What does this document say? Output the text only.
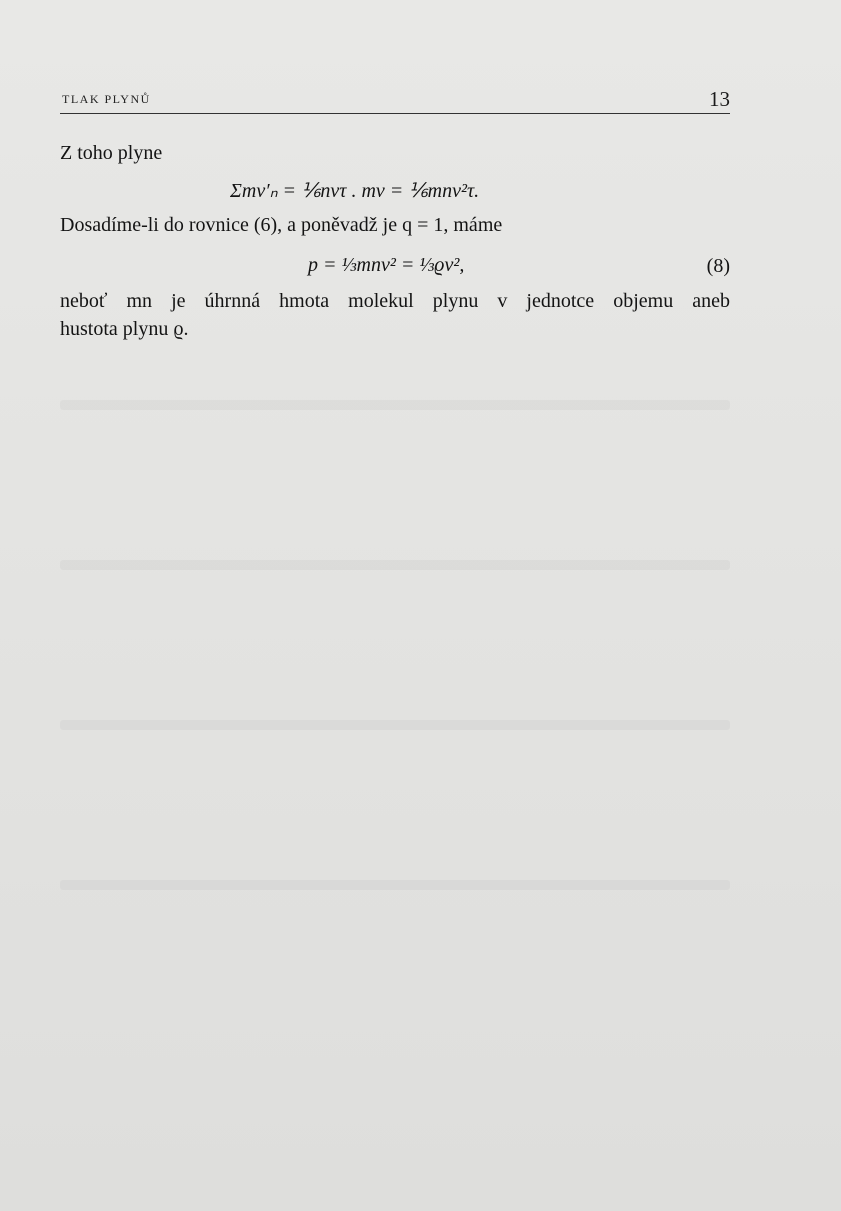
TLAK PLYNŮ	13
Z toho plyne
Σmv′ₙ = ⅙nvτ . mv = ⅙mnv²τ.
Dosadíme-li do rovnice (6), a poněvadž je q = 1, máme
p = ⅓mnv² = ⅓ϱv²,	(8)
neboť mn je úhrnná hmota molekul plynu v jednotce objemu aneb
hustota plynu ϱ.
